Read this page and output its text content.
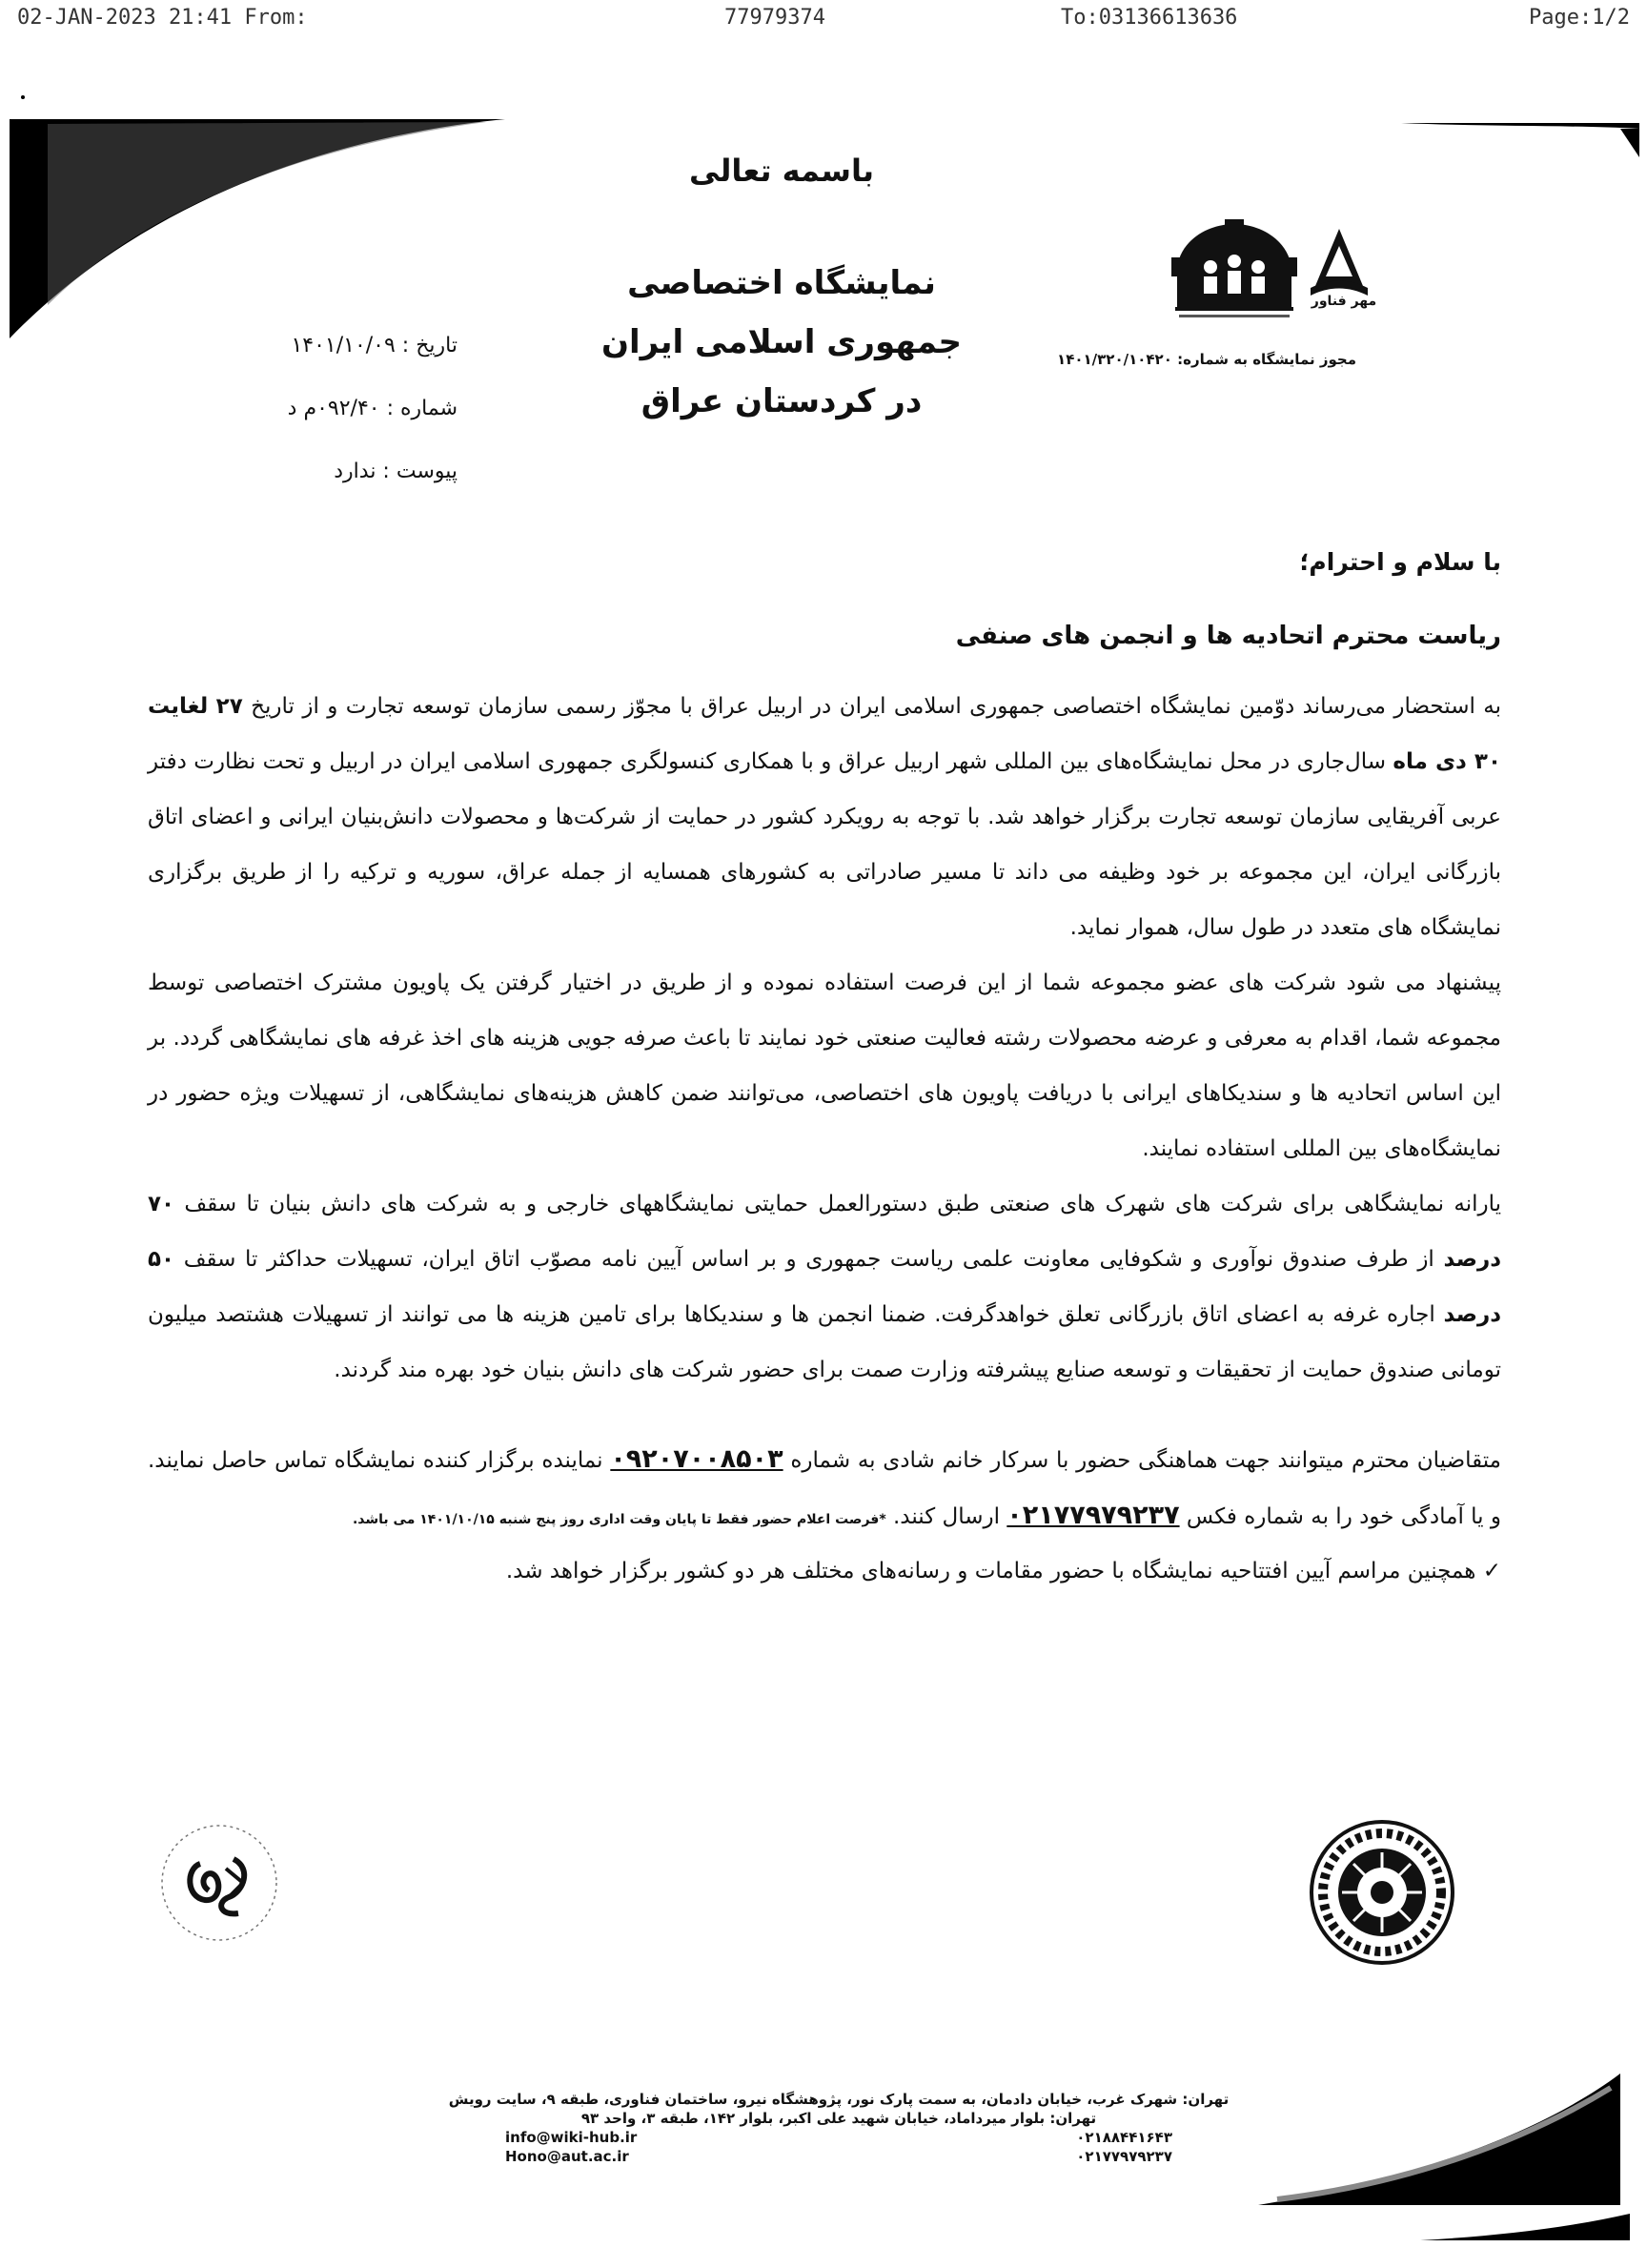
02-JAN-2023 21:41 From:	77979374	To:03136613636	Page:1/2
باسمه تعالی
نمایشگاه اختصاصی
جمهوری اسلامی ایران
در کردستان عراق
تاریخ : ۱۴۰۱/۱۰/۰۹
شماره : ۰۹۲/۴۰م د
پیوست : ندارد
مهر فناور
مجوز نمایشگاه به شماره: ۱۴۰۱/۳۲۰/۱۰۴۲۰

با سلام و احترام؛

ریاست محترم اتحادیه ها و انجمن های صنفی

به استحضار می‌رساند دوّمین نمایشگاه اختصاصی جمهوری اسلامی ایران در اربیل عراق با مجوّز رسمی سازمان توسعه تجارت و از تاریخ ۲۷ لغایت ۳۰ دی ماه سال‌جاری در محل نمایشگاه‌های بین المللی شهر اربیل عراق و با همکاری کنسولگری جمهوری اسلامی ایران در اربیل و تحت نظارت دفتر عربی آفریقایی سازمان توسعه تجارت برگزار خواهد شد. با توجه به رویکرد کشور در حمایت از شرکت‌ها و محصولات دانش‌بنیان ایرانی و اعضای اتاق بازرگانی ایران، این مجموعه بر خود وظیفه می داند تا مسیر صادراتی به کشورهای همسایه از جمله عراق، سوریه و ترکیه را از طریق برگزاری نمایشگاه های متعدد در طول سال، هموار نماید.

پیشنهاد می شود شرکت های عضو مجموعه شما از این فرصت استفاده نموده و از طریق در اختیار گرفتن یک پاویون مشترک اختصاصی توسط مجموعه شما، اقدام به معرفی و عرضه محصولات رشته فعالیت صنعتی خود نمایند تا باعث صرفه جویی هزینه های اخذ غرفه های نمایشگاهی گردد. بر این اساس اتحادیه ها و سندیکاهای ایرانی با دریافت پاویون های اختصاصی، می‌توانند ضمن کاهش هزینه‌های نمایشگاهی، از تسهیلات ویژه حضور در نمایشگاه‌های بین المللی استفاده نمایند.

یارانه نمایشگاهی برای شرکت های شهرک های صنعتی طبق دستورالعمل حمایتی نمایشگاههای خارجی و به شرکت های دانش بنیان تا سقف ۷۰ درصد از طرف صندوق نوآوری و شکوفایی معاونت علمی ریاست جمهوری و بر اساس آیین نامه مصوّب اتاق ایران، تسهیلات حداکثر تا سقف ۵۰ درصد اجاره غرفه به اعضای اتاق بازرگانی تعلق خواهدگرفت. ضمنا انجمن ها و سندیکاها برای تامین هزینه ها می توانند از تسهیلات هشتصد میلیون تومانی صندوق حمایت از تحقیقات و توسعه صنایع پیشرفته وزارت صمت برای حضور شرکت های دانش بنیان خود بهره مند گردند.

متقاضیان محترم میتوانند جهت هماهنگی حضور با سرکار خانم شادی به شماره ۰۹۲۰۷۰۰۸۵۰۳ نماینده برگزار کننده نمایشگاه تماس حاصل نمایند. و یا آمادگی خود را به شماره فکس ۰۲۱۷۷۹۷۹۲۳۷ ارسال کنند. *فرصت اعلام حضور فقط تا پایان وقت اداری روز پنج شنبه ۱۴۰۱/۱۰/۱۵ می باشد.

✓ همچنین مراسم آیین افتتاحیه نمایشگاه با حضور مقامات و رسانه‌های مختلف هر دو کشور برگزار خواهد شد.

تهران: شهرک غرب، خیابان دادمان، به سمت پارک نور، پژوهشگاه نیرو، ساختمان فناوری، طبقه ۹، سایت رویش
تهران: بلوار میرداماد، خیابان شهید علی اکبر، بلوار ۱۴۲، طبقه ۳، واحد ۹۳
info@wiki-hub.ir	۰۲۱۸۸۴۴۱۶۴۳
Hono@aut.ac.ir	۰۲۱۷۷۹۷۹۲۳۷
